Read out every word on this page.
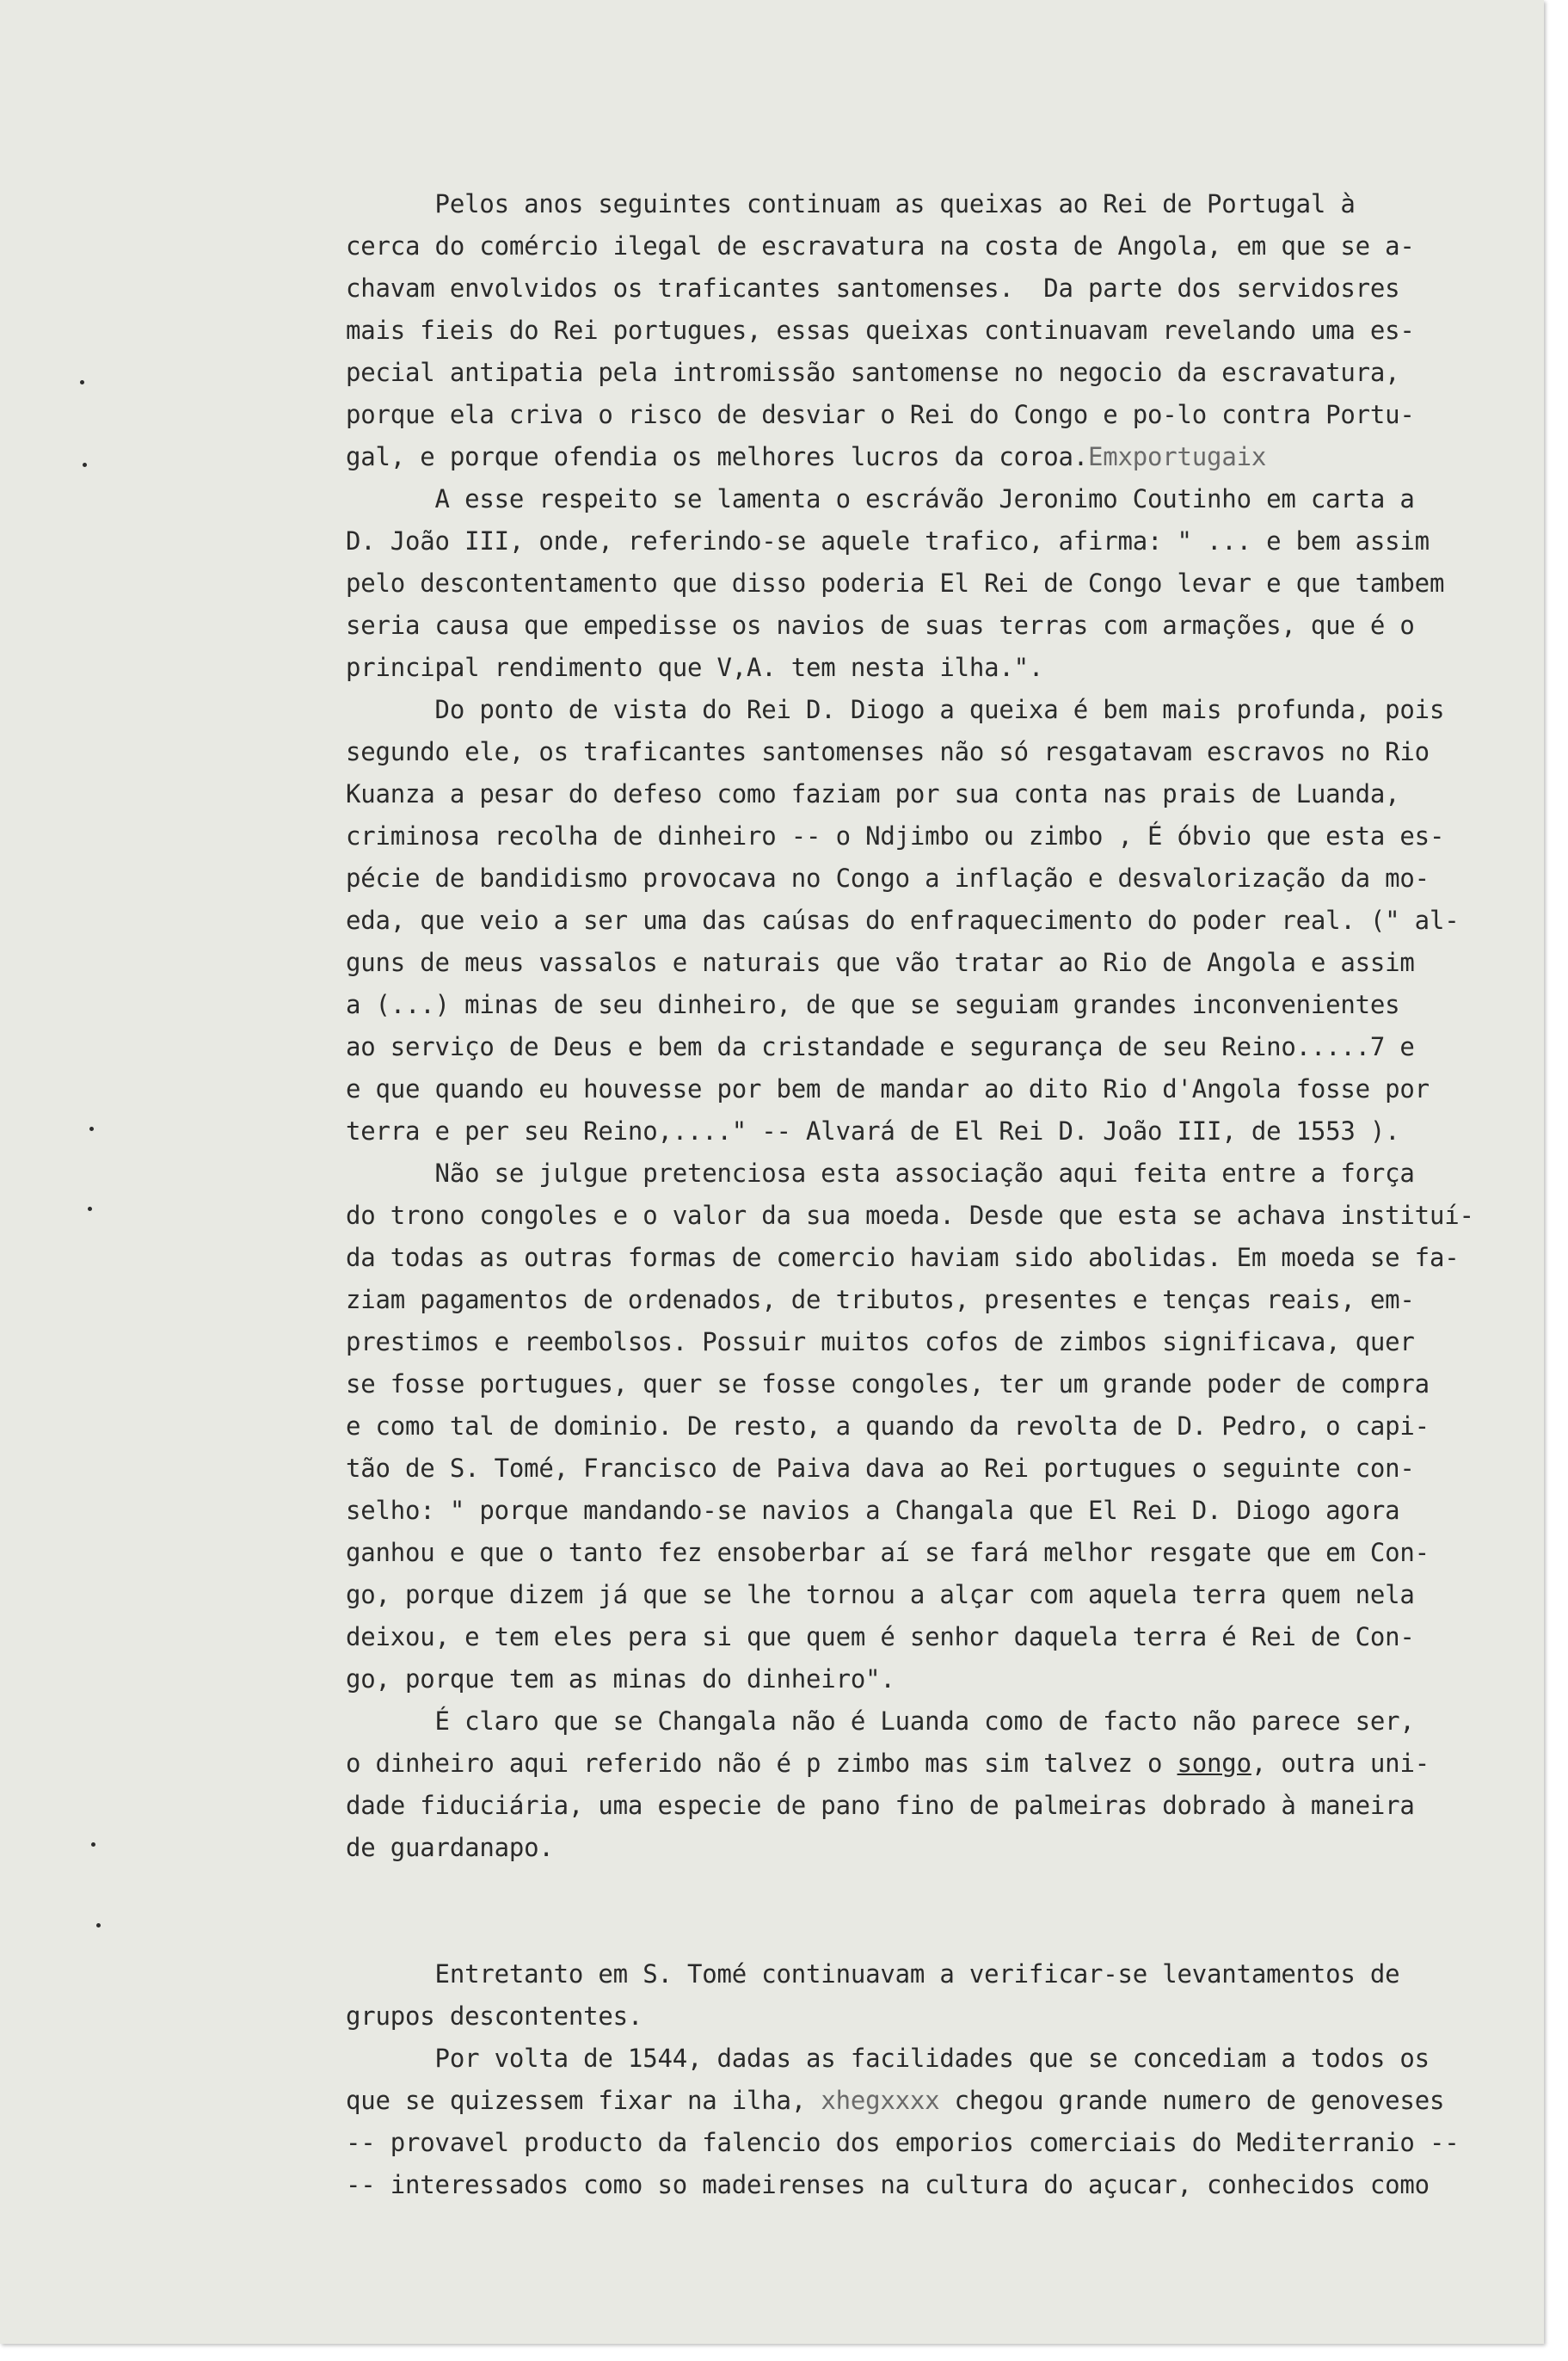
Pelos anos seguintes continuam as queixas ao Rei de Portugal à
cerca do comércio ilegal de escravatura na costa de Angola, em que se a-
chavam envolvidos os traficantes santomenses.  Da parte dos servidosres
mais fieis do Rei portugues, essas queixas continuavam revelando uma es-
pecial antipatia pela intromissão santomense no negocio da escravatura,
porque ela criva o risco de desviar o Rei do Congo e po-lo contra Portu-
gal, e porque ofendia os melhores lucros da coroa.Emxportugaix
A esse respeito se lamenta o escrávão Jeronimo Coutinho em carta a
D. João III, onde, referindo-se aquele trafico, afirma: " ... e bem assim
pelo descontentamento que disso poderia El Rei de Congo levar e que tambem
seria causa que empedisse os navios de suas terras com armações, que é o
principal rendimento que V,A. tem nesta ilha.".
Do ponto de vista do Rei D. Diogo a queixa é bem mais profunda, pois
segundo ele, os traficantes santomenses não só resgatavam escravos no Rio
Kuanza a pesar do defeso como faziam por sua conta nas prais de Luanda,
criminosa recolha de dinheiro -- o Ndjimbo ou zimbo , É óbvio que esta es-
pécie de bandidismo provocava no Congo a inflação e desvalorização da mo-
eda, que veio a ser uma das caúsas do enfraquecimento do poder real. (" al-
guns de meus vassalos e naturais que vão tratar ao Rio de Angola e assim
a (...) minas de seu dinheiro, de que se seguiam grandes inconvenientes
ao serviço de Deus e bem da cristandade e segurança de seu Reino.....7 e
e que quando eu houvesse por bem de mandar ao dito Rio d'Angola fosse por
terra e per seu Reino,...." -- Alvará de El Rei D. João III, de 1553 ).
Não se julgue pretenciosa esta associação aqui feita entre a força
do trono congoles e o valor da sua moeda. Desde que esta se achava instituí-
da todas as outras formas de comercio haviam sido abolidas. Em moeda se fa-
ziam pagamentos de ordenados, de tributos, presentes e tenças reais, em-
prestimos e reembolsos. Possuir muitos cofos de zimbos significava, quer
se fosse portugues, quer se fosse congoles, ter um grande poder de compra
e como tal de dominio. De resto, a quando da revolta de D. Pedro, o capi-
tão de S. Tomé, Francisco de Paiva dava ao Rei portugues o seguinte con-
selho: " porque mandando-se navios a Changala que El Rei D. Diogo agora
ganhou e que o tanto fez ensoberbar aí se fará melhor resgate que em Con-
go, porque dizem já que se lhe tornou a alçar com aquela terra quem nela
deixou, e tem eles pera si que quem é senhor daquela terra é Rei de Con-
go, porque tem as minas do dinheiro".
É claro que se Changala não é Luanda como de facto não parece ser,
o dinheiro aqui referido não é p zimbo mas sim talvez o songo, outra uni-
dade fiduciária, uma especie de pano fino de palmeiras dobrado à maneira
de guardanapo.
Entretanto em S. Tomé continuavam a verificar-se levantamentos de
grupos descontentes.
Por volta de 1544, dadas as facilidades que se concediam a todos os
que se quizessem fixar na ilha, xhegxxxx chegou grande numero de genoveses
-- provavel producto da falencio dos emporios comerciais do Mediterranio --
-- interessados como so madeirenses na cultura do açucar, conhecidos como
